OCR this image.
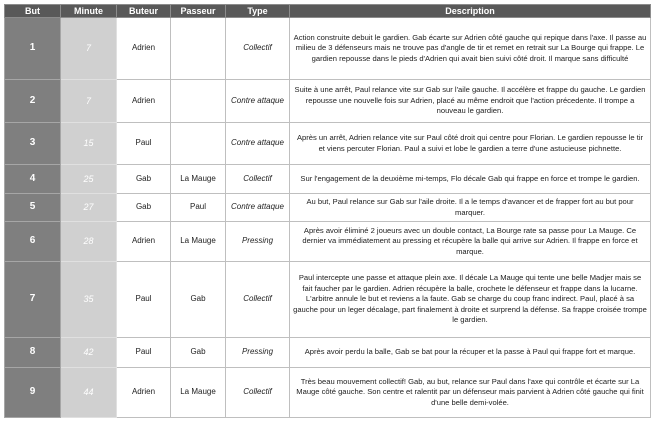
But	Minute	Buteur	Passeur	Type	Description
1	7	Adrien		Collectif	Action construite debuit le gardien. Gab écarte sur Adrien côté gauche qui repique dans l'axe. Il passe au milieu de 3 défenseurs mais ne trouve pas d'angle de tir et remet en retrait sur La Bourge qui frappe. Le gardien repousse dans le pieds d'Adrien qui avait bien suivi côté droit. Il marque sans difficulté
2	7	Adrien		Contre attaque	Suite à une arrêt, Paul relance vite sur Gab sur l'aile gauche. Il accélère et frappe du gauche. Le gardien repousse une nouvelle fois sur Adrien, placé au même endroit que l'action précedente. Il trompe a nouveau le gardien.
3	15	Paul		Contre attaque	Après un arrêt, Adrien relance vite sur Paul côté droit qui centre pour Florian. Le gardien repousse le tir et viens percuter Florian. Paul a suivi et lobe le gardien a terre d'une astucieuse pichnette.
4	25	Gab	La Mauge	Collectif	Sur l'engagement de la deuxième mi-temps, Flo décale Gab qui frappe en force et trompe le gardien.
5	27	Gab	Paul	Contre attaque	Au but, Paul relance sur Gab sur l'aile droite. Il a le temps d'avancer et de frapper fort au but pour marquer.
6	28	Adrien	La Mauge	Pressing	Après avoir éliminé 2 joueurs avec un double contact, La Bourge rate sa passe pour La Mauge. Ce dernier va immédiatement au pressing et récupère la balle qui arrive sur Adrien. Il frappe en force et marque.
7	35	Paul	Gab	Collectif	Paul intercepte une passe et attaque plein axe. Il décale La Mauge qui tente une belle Madjer mais se fait faucher par le gardien. Adrien récupère la balle, crochete le défenseur et frappe dans la lucarne. L'arbitre annule le but et reviens a la faute. Gab se charge du coup franc indirect. Paul, placé à sa gauche pour un leger décalage, part finalement à droite et surprend la défense. Sa frappe croisée trompe le gardien.
8	42	Paul	Gab	Pressing	Après avoir perdu la balle, Gab se bat pour la récuper et la passe à Paul qui frappe fort et marque.
9	44	Adrien	La Mauge	Collectif	Très beau mouvement collectif! Gab, au but, relance sur Paul dans l'axe qui contrôle et écarte sur La Mauge côté gauche. Son centre et ralentit par un défenseur mais parvient à Adrien côté gauche qui finit d'une belle demi-volée.
